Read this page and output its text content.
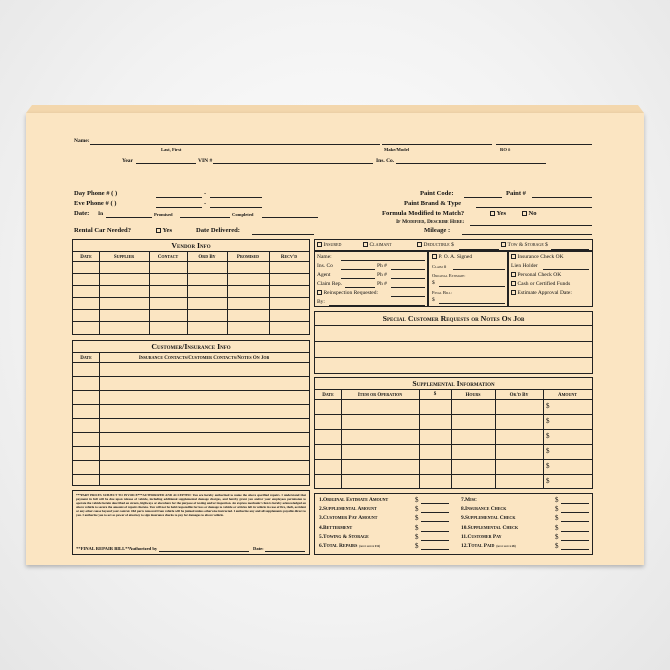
Name:
Last, First	Make/Model	RO #
Year	VIN #	Ins. Co.
Day Phone # ( )	-
Eve Phone # ( )	-
Date: In	Promised	Completed
Paint Code:	Paint #
Paint Brand & Type
Formula Modified to Match?	Yes	No
If Modified, Describe Here:
Rental Car Needed?	Yes	Date Delivered:	Mileage :
Vendor Info
Date	Supplier	Contact	Ord By	Promised	Recv'd
Insured	Claimant	Deductible $	Tow & Storage $
Name:
Ins. Co	Ph #
Agent	Ph #
Claim Rep.	Ph #
Reinspection Requested:
By:
P. O. A. Signed
Claim #
Original Estimate:
$
Final Bill:
$
Insurance Check OK
Lien Holder
Personal Check OK
Cash or Certified Funds
Estimate Approval Date:
Special Customer Requests or Notes On Job
Customer/Insurance Info
Date	Insurance Contacts/Customer Contacts/Notes On Job
Supplemental Information
Date	Item or Operation	$	Hours	Ok'd By	Amount
$
$
$
$
$
$
***PART PRICES SUBJECT TO INVOICE***AUTHORIZED AND ACCEPTED: You are hereby authorized to make the above specified repairs. I understand that payment in full will be due upon release of vehicle, including additional supplemental damage charges, and hereby grant you and/or your employees permission to operate the vehicle herein described on streets, highways or elsewhere for the purpose of testing and/or inspection. An express mechanic's lien is hereby acknowledged on above vehicle to secure the amount of repairs thereto. You will not be held responsible for loss or damage to vehicle or articles left in vehicle in case of fire, theft, accident or any other cause beyond your control. Old parts removed from vehicle will be junked unless otherwise instructed. I authorize any and all supplements payable direct to you. I authorize you to act as power of attorney to sign insurance checks to pay for damages to above vehicle.
**FINAL REPAIR BILL** Authorized by	Date:
1.Original Estimate Amount	$
2.Supplemental Amount	$
3.Customer Pay Amount	$
4.Betterment	$
5.Towing & Storage	$
6.Total Repairs (must match #12)	$
7.Misc	$
8.Insurance Check	$
9.Supplemental Check	$
10.Supplemental Check	$
11.Customer Pay	$
12.Total Paid (must match #6)	$
